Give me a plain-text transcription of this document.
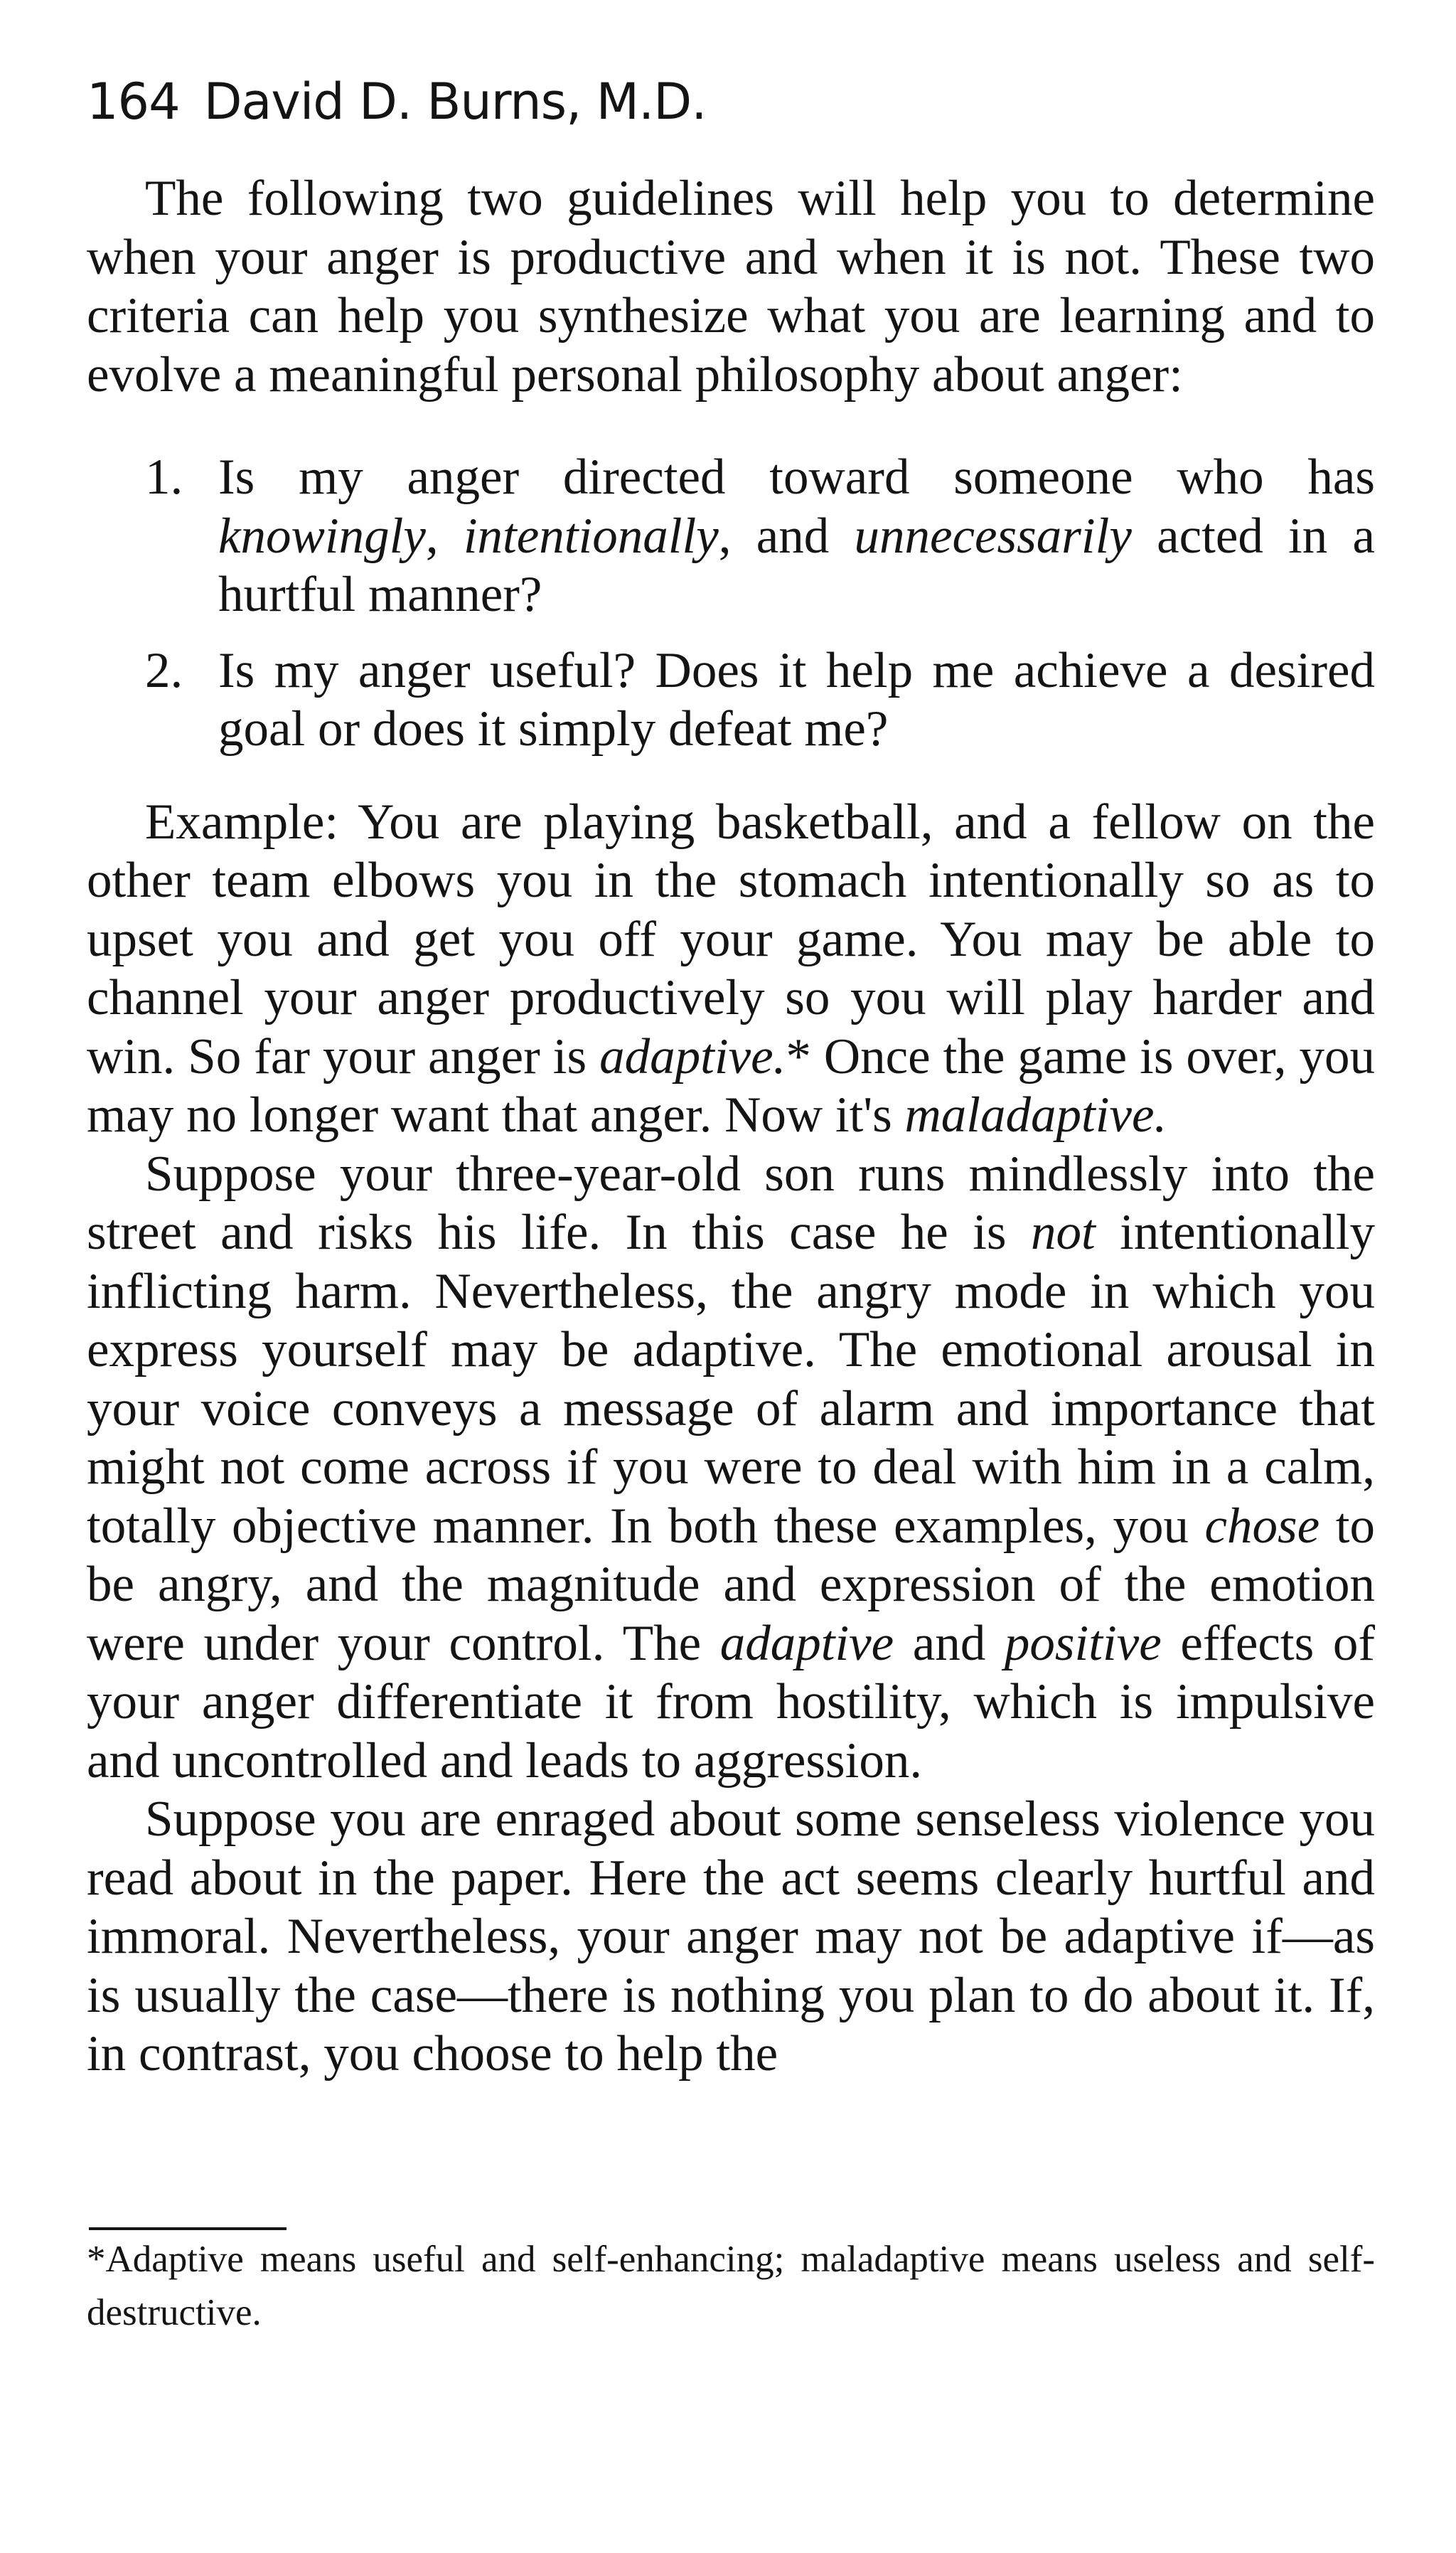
164 David D. Burns, M.D.

The following two guidelines will help you to determine when your anger is productive and when it is not. These two criteria can help you synthesize what you are learning and to evolve a meaningful personal philosophy about anger:

1. Is my anger directed toward someone who has knowingly, intentionally, and unnecessarily acted in a hurtful manner?
2. Is my anger useful? Does it help me achieve a desired goal or does it simply defeat me?

Example: You are playing basketball, and a fellow on the other team elbows you in the stomach intentionally so as to upset you and get you off your game. You may be able to channel your anger productively so you will play harder and win. So far your anger is adaptive.* Once the game is over, you may no longer want that anger. Now it's maladaptive.

Suppose your three-year-old son runs mindlessly into the street and risks his life. In this case he is not intentionally inflicting harm. Nevertheless, the angry mode in which you express yourself may be adaptive. The emotional arousal in your voice conveys a message of alarm and importance that might not come across if you were to deal with him in a calm, totally objective manner. In both these examples, you chose to be angry, and the magnitude and expression of the emotion were under your control. The adaptive and positive effects of your anger differentiate it from hostility, which is impulsive and uncontrolled and leads to aggression.

Suppose you are enraged about some senseless violence you read about in the paper. Here the act seems clearly hurtful and immoral. Nevertheless, your anger may not be adaptive if—as is usually the case—there is nothing you plan to do about it. If, in contrast, you choose to help the

*Adaptive means useful and self-enhancing; maladaptive means useless and self-destructive.
